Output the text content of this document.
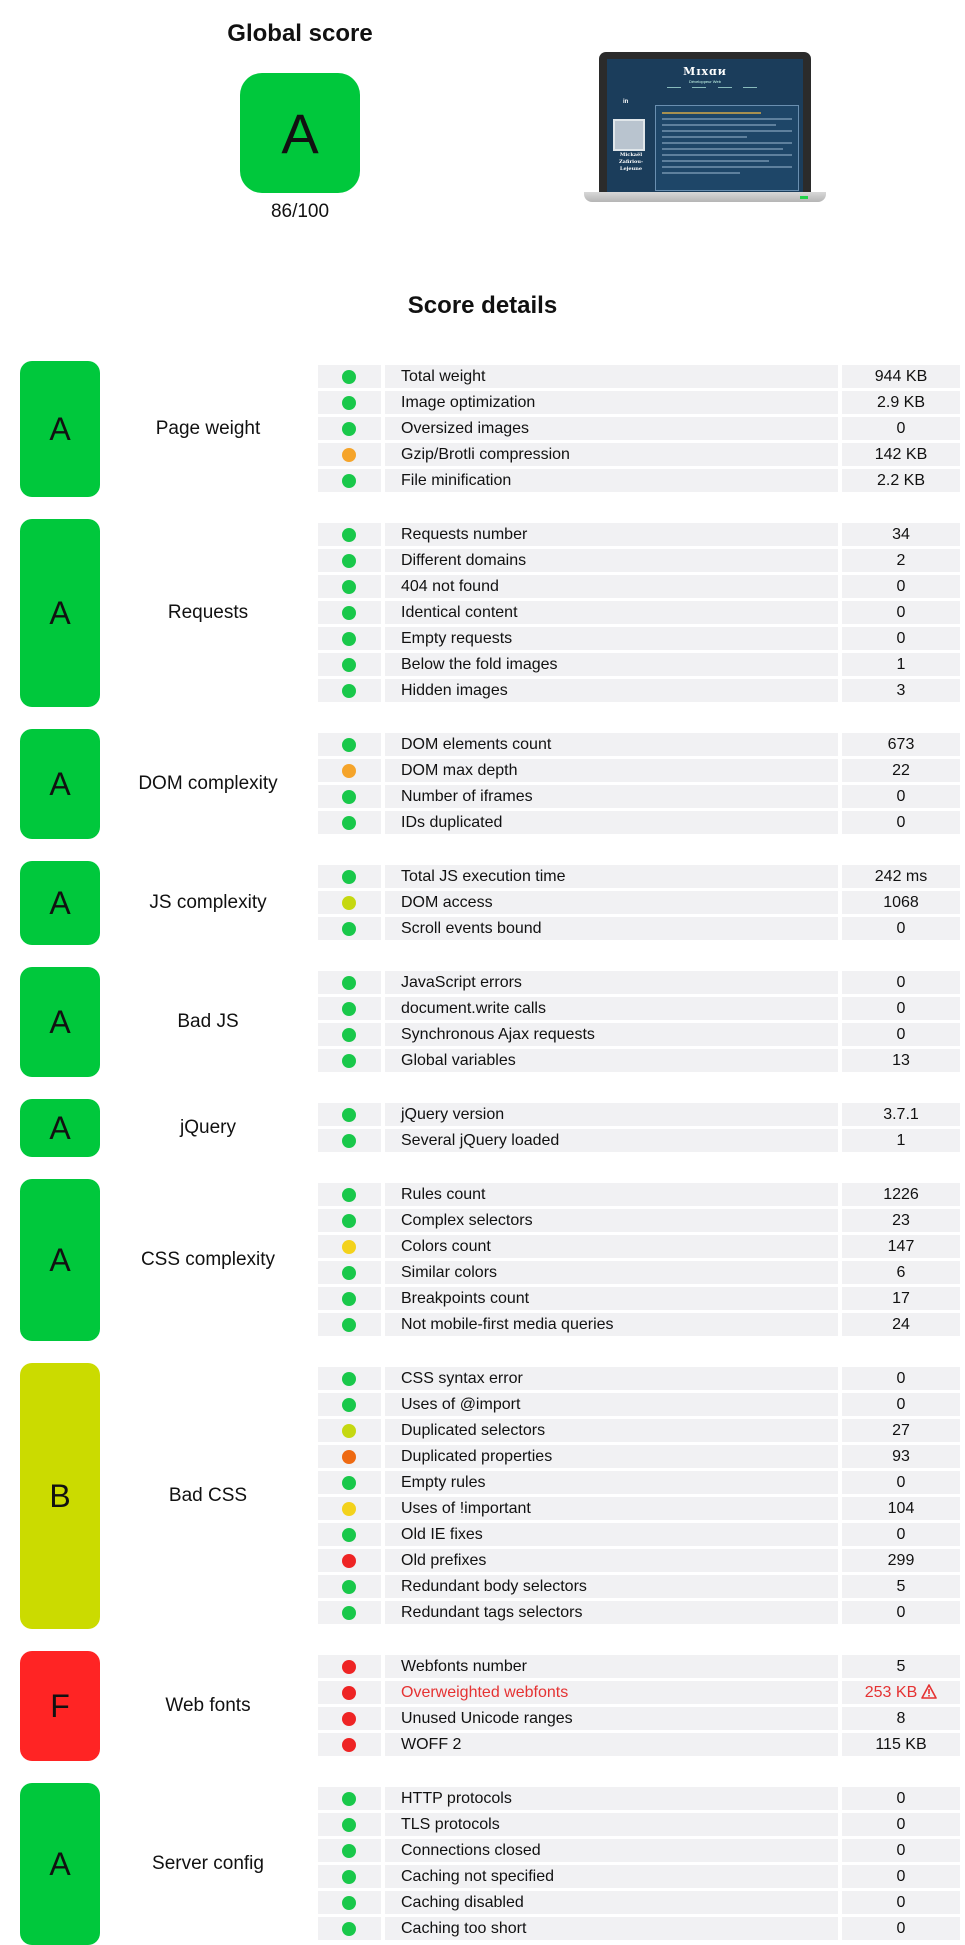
Global score
A
86/100
Mɪxɑᴎ
Développeur Web
in
Mickaël Zafiriou-Lejeune
Score details
A	Page weight
Total weight	944 KB
Image optimization	2.9 KB
Oversized images	0
Gzip/Brotli compression	142 KB
File minification	2.2 KB
A	Requests
Requests number	34
Different domains	2
404 not found	0
Identical content	0
Empty requests	0
Below the fold images	1
Hidden images	3
A	DOM complexity
DOM elements count	673
DOM max depth	22
Number of iframes	0
IDs duplicated	0
A	JS complexity
Total JS execution time	242 ms
DOM access	1068
Scroll events bound	0
A	Bad JS
JavaScript errors	0
document.write calls	0
Synchronous Ajax requests	0
Global variables	13
A	jQuery
jQuery version	3.7.1
Several jQuery loaded	1
A	CSS complexity
Rules count	1226
Complex selectors	23
Colors count	147
Similar colors	6
Breakpoints count	17
Not mobile-first media queries	24
B	Bad CSS
CSS syntax error	0
Uses of @import	0
Duplicated selectors	27
Duplicated properties	93
Empty rules	0
Uses of !important	104
Old IE fixes	0
Old prefixes	299
Redundant body selectors	5
Redundant tags selectors	0
F	Web fonts
Webfonts number	5
Overweighted webfonts	253 KB
Unused Unicode ranges	8
WOFF 2	115 KB
A	Server config
HTTP protocols	0
TLS protocols	0
Connections closed	0
Caching not specified	0
Caching disabled	0
Caching too short	0
